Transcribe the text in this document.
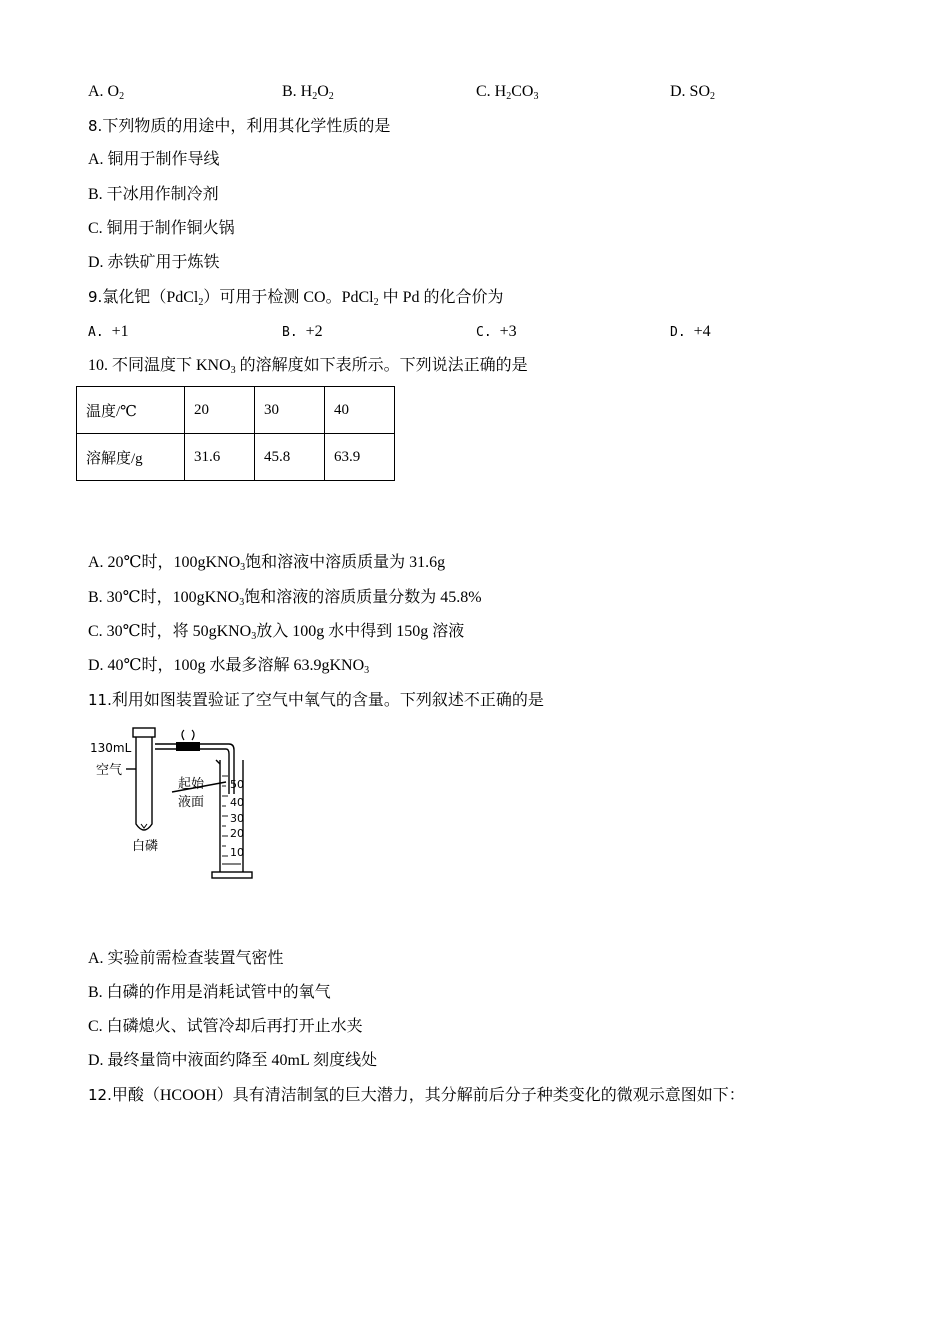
A. $O_2$	B. $H_2O_2$	C. $H_2CO_3$	D. $SO_2$
8.下列物质的用途中，利用其化学性质的是
A. 铜用于制作导线
B. 干冰用作制冷剂
C. 铜用于制作铜火锅
D. 赤铁矿用于炼铁
9.氯化钯（PdCl$_2$）可用于检测 CO。PdCl$_2$ 中 Pd 的化合价为
A. +1	B. +2	C. +3	D. +4
10. 不同温度下 $KNO_3$ 的溶解度如下表所示。下列说法正确的是
温度/℃	20	30	40
溶解度/g	31.6	45.8	63.9
A. 20℃时，100gKNO$_3$饱和溶液中溶质质量为 31.6g
B. 30℃时，100gKNO$_3$饱和溶液的溶质质量分数为 45.8%
C. 30℃时，将 50gKNO$_3$放入 100g 水中得到 150g 溶液
D. 40℃时，100g 水最多溶解 63.9gKNO$_3$
11.利用如图装置验证了空气中氧气的含量。下列叙述不正确的是
130mL
空气
白磷
起始
液面
50
40
30
20
10
A. 实验前需检查装置气密性
B. 白磷的作用是消耗试管中的氧气
C. 白磷熄火、试管冷却后再打开止水夹
D. 最终量筒中液面约降至 40mL 刻度线处
12.甲酸（HCOOH）具有清洁制氢的巨大潜力，其分解前后分子种类变化的微观示意图如下：
